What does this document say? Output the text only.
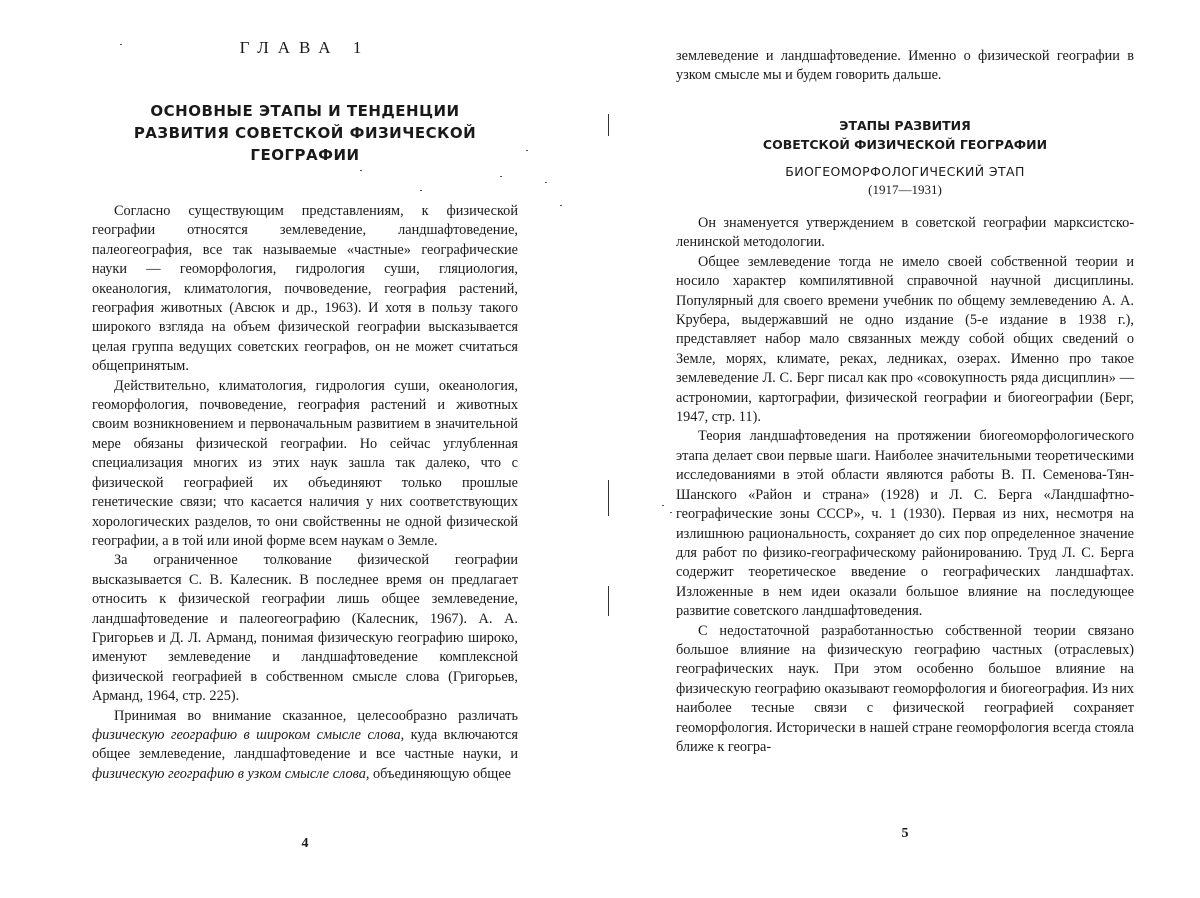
ГЛАВА 1
ОСНОВНЫЕ ЭТАПЫ И ТЕНДЕНЦИИ
РАЗВИТИЯ СОВЕТСКОЙ ФИЗИЧЕСКОЙ
ГЕОГРАФИИ

Согласно существующим представлениям, к физической географии относятся землеведение, ландшафтоведение, палеогеография, все так называемые «частные» географические науки — геоморфология, гидрология суши, гляциология, океанология, климатология, почвоведение, география растений, география животных (Авсюк и др., 1963). И хотя в пользу такого широкого взгляда на объем физической географии высказывается целая группа ведущих советских географов, он не может считаться общепринятым.

Действительно, климатология, гидрология суши, океанология, геоморфология, почвоведение, география растений и животных своим возникновением и первоначальным развитием в значительной мере обязаны физической географии. Но сейчас углубленная специализация многих из этих наук зашла так далеко, что с физической географией их объединяют только прошлые генетические связи; что касается наличия у них соответствующих хорологических разделов, то они свойственны не одной физической географии, а в той или иной форме всем наукам о Земле.

За ограниченное толкование физической географии высказывается С. В. Калесник. В последнее время он предлагает относить к физической географии лишь общее землеведение, ландшафтоведение и палеогеографию (Калесник, 1967). А. А. Григорьев и Д. Л. Арманд, понимая физическую географию широко, именуют землеведение и ландшафтоведение комплексной физической географией в собственном смысле слова (Григорьев, Арманд, 1964, стр. 225).

Принимая во внимание сказанное, целесообразно различать физическую географию в широком смысле слова, куда включаются общее землеведение, ландшафтоведение и все частные науки, и физическую географию в узком смысле слова, объединяющую общее

4

землеведение и ландшафтоведение. Именно о физической географии в узком смысле мы и будем говорить дальше.

ЭТАПЫ РАЗВИТИЯ
СОВЕТСКОЙ ФИЗИЧЕСКОЙ ГЕОГРАФИИ
БИОГЕОМОРФОЛОГИЧЕСКИЙ ЭТАП
(1917—1931)

Он знаменуется утверждением в советской географии марксистско-ленинской методологии.

Общее землеведение тогда не имело своей собственной теории и носило характер компилятивной справочной научной дисциплины. Популярный для своего времени учебник по общему землеведению А. А. Крубера, выдержавший не одно издание (5-е издание в 1938 г.), представляет набор мало связанных между собой общих сведений о Земле, морях, климате, реках, ледниках, озерах. Именно про такое землеведение Л. С. Берг писал как про «совокупность ряда дисциплин» — астрономии, картографии, физической географии и биогеографии (Берг, 1947, стр. 11).

Теория ландшафтоведения на протяжении биогеоморфологического этапа делает свои первые шаги. Наиболее значительными теоретическими исследованиями в этой области являются работы В. П. Семенова-Тян-Шанского «Район и страна» (1928) и Л. С. Берга «Ландшафтно-географические зоны СССР», ч. 1 (1930). Первая из них, несмотря на излишнюю рациональность, сохраняет до сих пор определенное значение для работ по физико-географическому районированию. Труд Л. С. Берга содержит теоретическое введение о географических ландшафтах. Изложенные в нем идеи оказали большое влияние на последующее развитие советского ландшафтоведения.

С недостаточной разработанностью собственной теории связано большое влияние на физическую географию частных (отраслевых) географических наук. При этом особенно большое влияние на физическую географию оказывают геоморфология и биогеография. Из них наиболее тесные связи с физической географией сохраняет геоморфология. Исторически в нашей стране геоморфология всегда стояла ближе к геогра-

5
